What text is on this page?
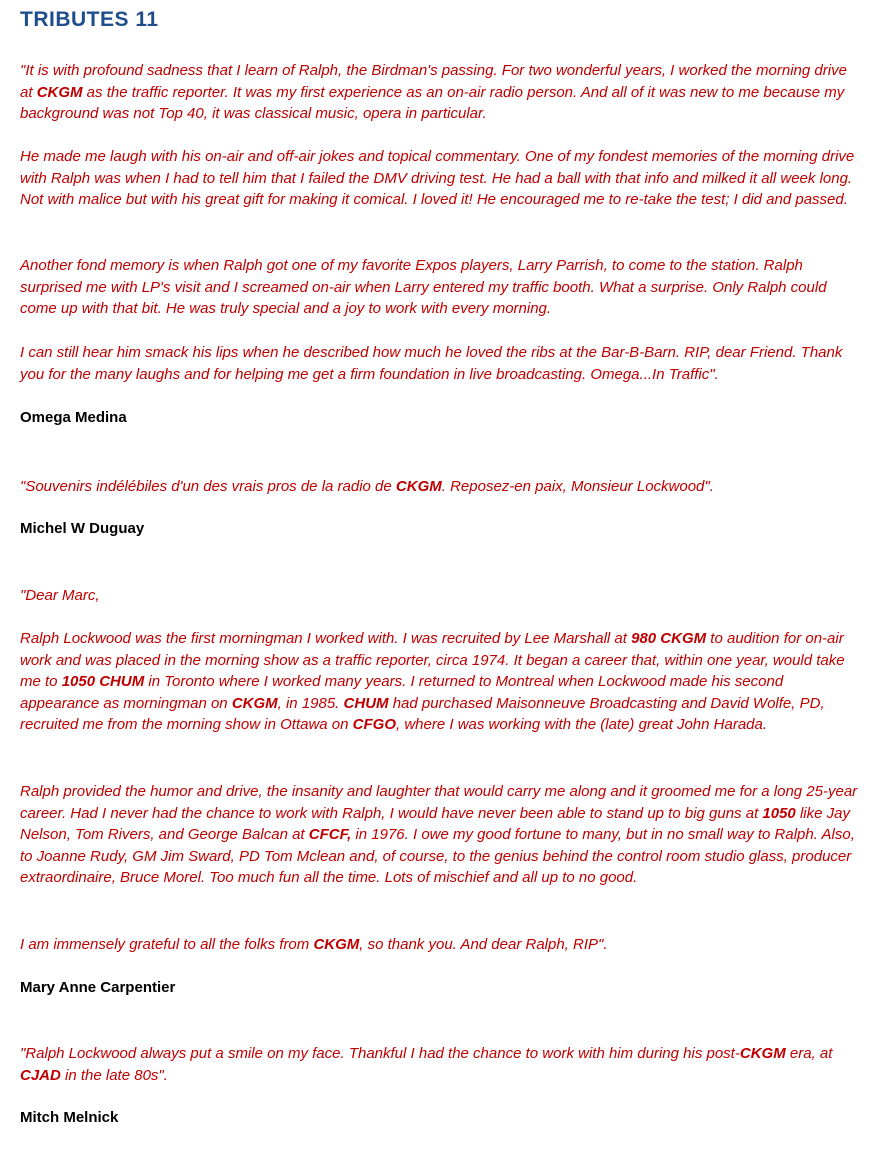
TRIBUTES 11

"It is with profound sadness that I learn of Ralph, the Birdman's passing. For two wonderful years, I worked the morning drive at CKGM as the traffic reporter. It was my first experience as an on-air radio person. And all of it was new to me because my background was not Top 40, it was classical music, opera in particular.

He made me laugh with his on-air and off-air jokes and topical commentary. One of my fondest memories of the morning drive with Ralph was when I had to tell him that I failed the DMV driving test. He had a ball with that info and milked it all week long. Not with malice but with his great gift for making it comical. I loved it! He encouraged me to re-take the test; I did and passed.

Another fond memory is when Ralph got one of my favorite Expos players, Larry Parrish, to come to the station. Ralph surprised me with LP's visit and I screamed on-air when Larry entered my traffic booth. What a surprise. Only Ralph could come up with that bit. He was truly special and a joy to work with every morning.

I can still hear him smack his lips when he described how much he loved the ribs at the Bar-B-Barn. RIP, dear Friend. Thank you for the many laughs and for helping me get a firm foundation in live broadcasting. Omega...In Traffic".

Omega Medina

"Souvenirs indélébiles d'un des vrais pros de la radio de CKGM. Reposez-en paix, Monsieur Lockwood".

Michel W Duguay

"Dear Marc,

Ralph Lockwood was the first morningman I worked with. I was recruited by Lee Marshall at 980 CKGM to audition for on-air work and was placed in the morning show as a traffic reporter, circa 1974. It began a career that, within one year, would take me to 1050 CHUM in Toronto where I worked many years. I returned to Montreal when Lockwood made his second appearance as morningman on CKGM, in 1985. CHUM had purchased Maisonneuve Broadcasting and David Wolfe, PD, recruited me from the morning show in Ottawa on CFGO, where I was working with the (late) great John Harada.

Ralph provided the humor and drive, the insanity and laughter that would carry me along and it groomed me for a long 25-year career. Had I never had the chance to work with Ralph, I would have never been able to stand up to big guns at 1050 like Jay Nelson, Tom Rivers, and George Balcan at CFCF, in 1976. I owe my good fortune to many, but in no small way to Ralph. Also, to Joanne Rudy, GM Jim Sward, PD Tom Mclean and, of course, to the genius behind the control room studio glass, producer extraordinaire, Bruce Morel. Too much fun all the time. Lots of mischief and all up to no good.

I am immensely grateful to all the folks from CKGM, so thank you. And dear Ralph, RIP".

Mary Anne Carpentier

"Ralph Lockwood always put a smile on my face. Thankful I had the chance to work with him during his post-CKGM era, at CJAD in the late 80s".

Mitch Melnick
